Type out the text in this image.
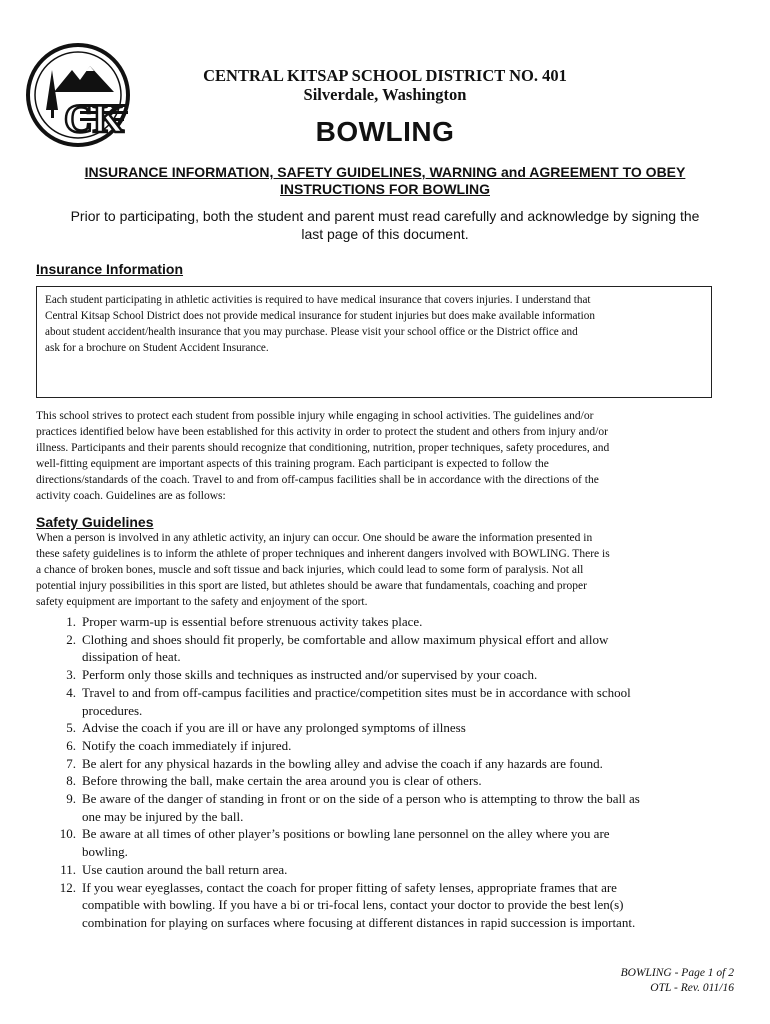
CK
CENTRAL KITSAP SCHOOL DISTRICT NO. 401
Silverdale, Washington
BOWLING
INSURANCE INFORMATION, SAFETY GUIDELINES, WARNING and AGREEMENT TO OBEY
INSTRUCTIONS FOR BOWLING
Prior to participating, both the student and parent must read carefully and acknowledge by signing the
last page of this document.
Insurance Information
Each student participating in athletic activities is required to have medical insurance that covers injuries. I understand that
Central Kitsap School District does not provide medical insurance for student injuries but does make available information
about student accident/health insurance that you may purchase. Please visit your school office or the District office and
ask for a brochure on Student Accident Insurance.
This school strives to protect each student from possible injury while engaging in school activities. The guidelines and/or
practices identified below have been established for this activity in order to protect the student and others from injury and/or
illness. Participants and their parents should recognize that conditioning, nutrition, proper techniques, safety procedures, and
well-fitting equipment are important aspects of this training program. Each participant is expected to follow the
directions/standards of the coach. Travel to and from off-campus facilities shall be in accordance with the directions of the
activity coach. Guidelines are as follows:
Safety Guidelines
When a person is involved in any athletic activity, an injury can occur. One should be aware the information presented in
these safety guidelines is to inform the athlete of proper techniques and inherent dangers involved with BOWLING. There is
a chance of broken bones, muscle and soft tissue and back injuries, which could lead to some form of paralysis. Not all
potential injury possibilities in this sport are listed, but athletes should be aware that fundamentals, coaching and proper
safety equipment are important to the safety and enjoyment of the sport.
1. Proper warm-up is essential before strenuous activity takes place.
2. Clothing and shoes should fit properly, be comfortable and allow maximum physical effort and allow
dissipation of heat.
3. Perform only those skills and techniques as instructed and/or supervised by your coach.
4. Travel to and from off-campus facilities and practice/competition sites must be in accordance with school
procedures.
5. Advise the coach if you are ill or have any prolonged symptoms of illness
6. Notify the coach immediately if injured.
7. Be alert for any physical hazards in the bowling alley and advise the coach if any hazards are found.
8. Before throwing the ball, make certain the area around you is clear of others.
9. Be aware of the danger of standing in front or on the side of a person who is attempting to throw the ball as
one may be injured by the ball.
10. Be aware at all times of other player’s positions or bowling lane personnel on the alley where you are
bowling.
11. Use caution around the ball return area.
12. If you wear eyeglasses, contact the coach for proper fitting of safety lenses, appropriate frames that are
compatible with bowling. If you have a bi or tri-focal lens, contact your doctor to provide the best len(s)
combination for playing on surfaces where focusing at different distances in rapid succession is important.
BOWLING - Page 1 of 2
OTL - Rev. 011/16
